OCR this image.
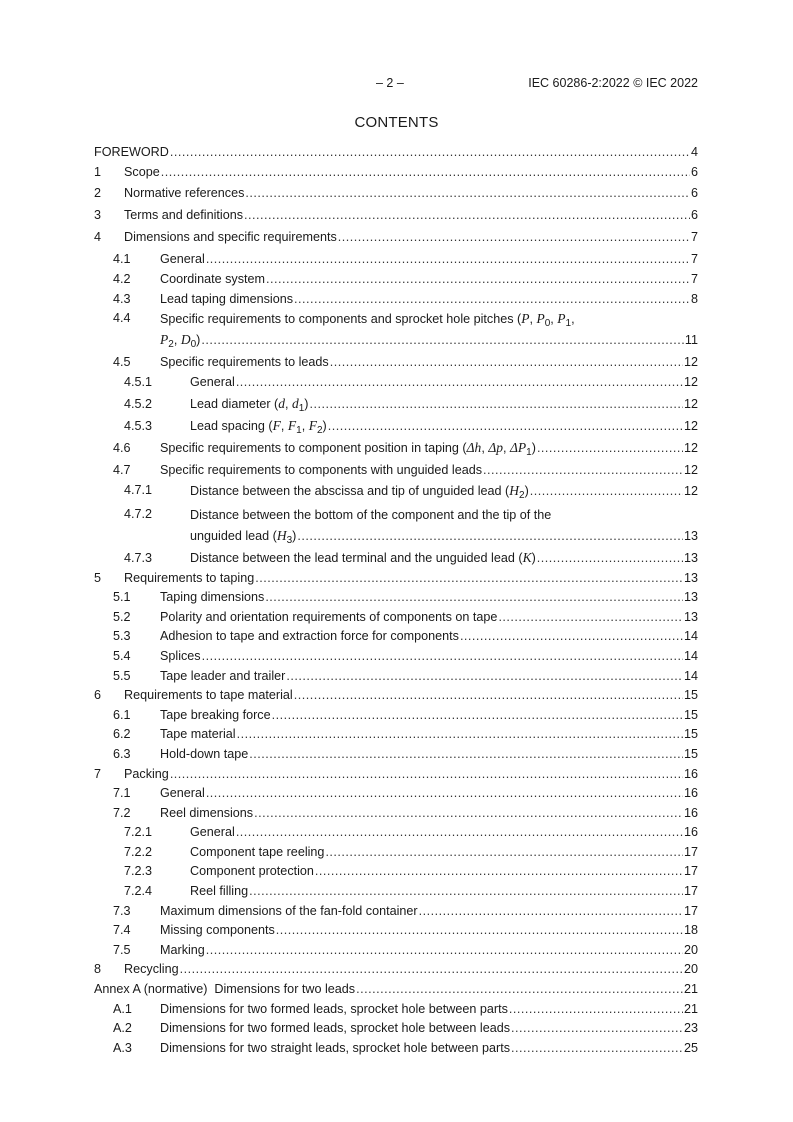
– 2 –	IEC 60286-2:2022 © IEC 2022
CONTENTS
FOREWORD .....	4
1 Scope .....	6
2 Normative references .....	6
3 Terms and definitions .....	6
4 Dimensions and specific requirements .....	7
4.1 General .....	7
4.2 Coordinate system .....	7
4.3 Lead taping dimensions .....	8
4.4 Specific requirements to components and sprocket hole pitches (P, $P_0$, $P_1$,
$P_2$, $D_0$) .....	11
4.5 Specific requirements to leads .....	12
4.5.1	General .....	12
4.5.2	Lead diameter (d, $d_1$) .....	12
4.5.3	Lead spacing (F, $F_1$, $F_2$) .....	12
4.6 Specific requirements to component position in taping (Δh, Δp, $\Delta P_1$) .....	12
4.7 Specific requirements to components with unguided leads .....	12
4.7.1	Distance between the abscissa and tip of unguided lead $(H_2)$ .....	12
4.7.2	Distance between the bottom of the component and the tip of the
unguided lead $(H_3)$ .....	13
4.7.3	Distance between the lead terminal and the unguided lead (K) .....	13
5 Requirements to taping .....	13
5.1 Taping dimensions .....	13
5.2 Polarity and orientation requirements of components on tape .....	13
5.3 Adhesion to tape and extraction force for components .....	14
5.4 Splices .....	14
5.5 Tape leader and trailer .....	14
6 Requirements to tape material .....	15
6.1 Tape breaking force .....	15
6.2 Tape material .....	15
6.3 Hold-down tape .....	15
7 Packing .....	16
7.1 General .....	16
7.2 Reel dimensions .....	16
7.2.1	General .....	16
7.2.2	Component tape reeling .....	17
7.2.3	Component protection .....	17
7.2.4	Reel filling .....	17
7.3 Maximum dimensions of the fan-fold container .....	17
7.4 Missing components .....	18
7.5 Marking .....	20
8 Recycling .....	20
Annex A (normative)  Dimensions for two leads .....	21
A.1 Dimensions for two formed leads, sprocket hole between parts .....	21
A.2 Dimensions for two formed leads, sprocket hole between leads .....	23
A.3 Dimensions for two straight leads, sprocket hole between parts .....	25
